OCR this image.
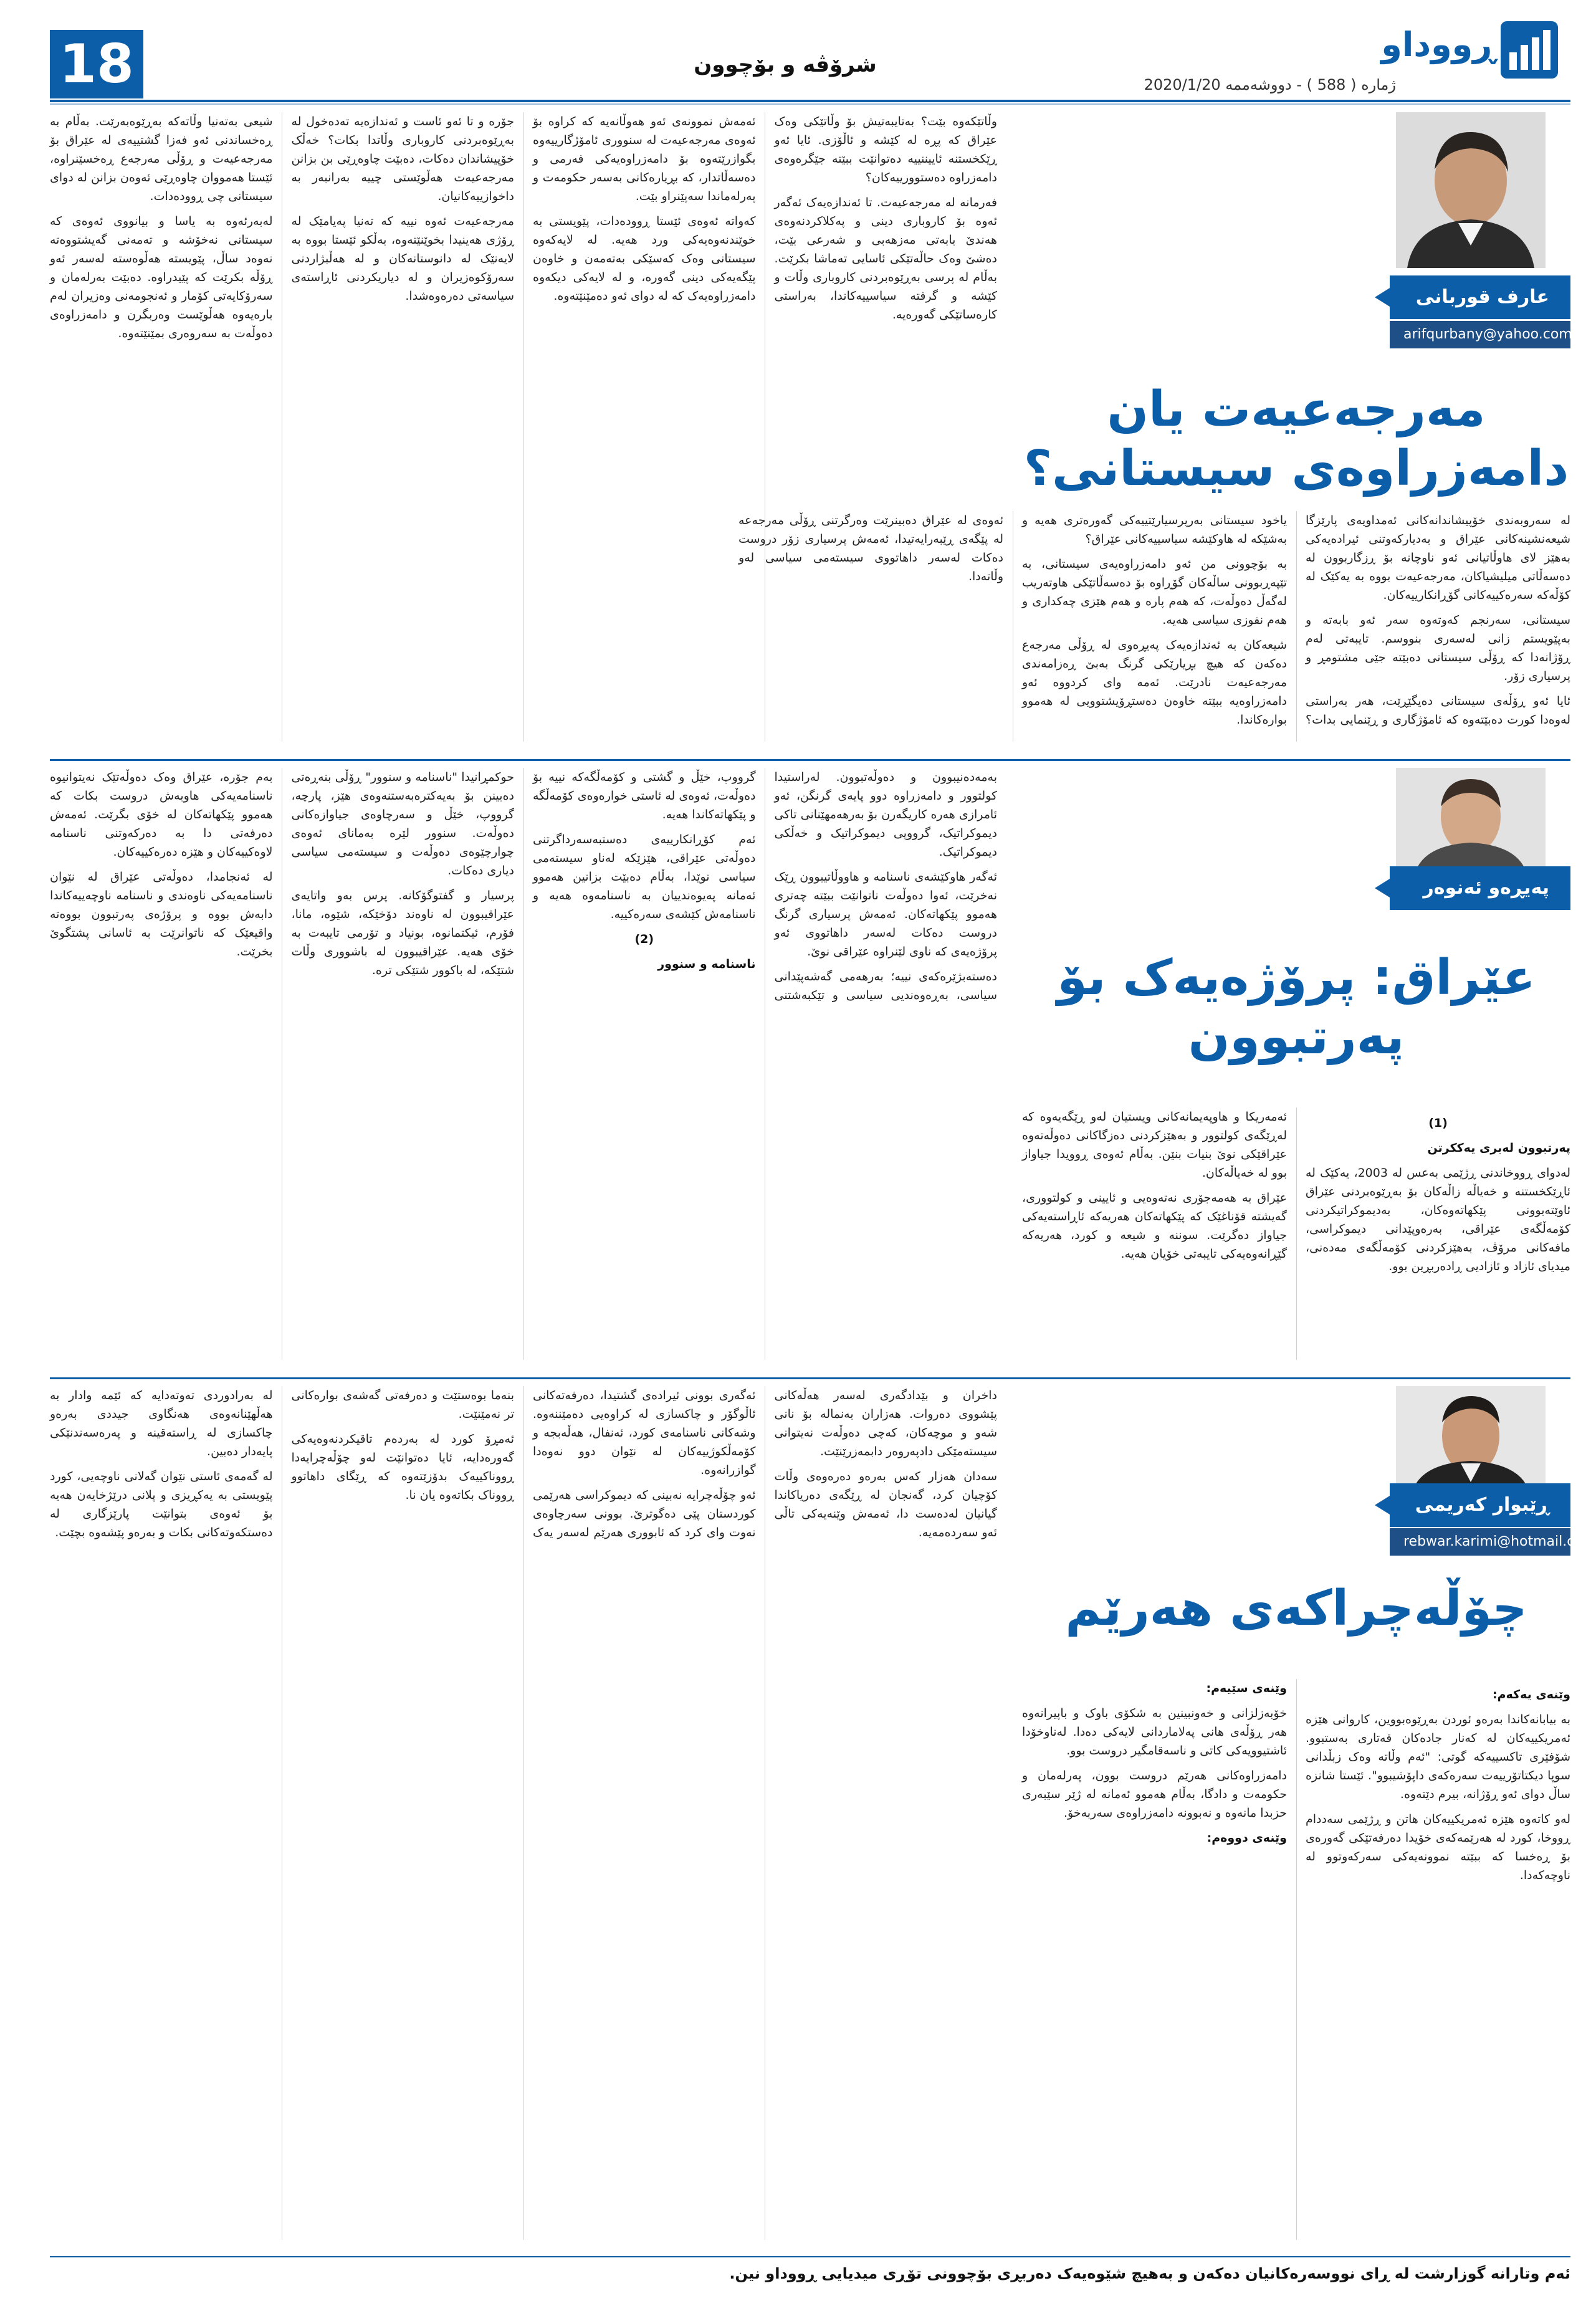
18	شرۆڤە و بۆچوون
ژمارە ( 588 ) - دووشەممە 2020/1/20
ڕووداو
عارف قوربانی
arifqurbany@yahoo.com
مەرجەعیەت یان دامەزراوەی سیستانی؟

لە سەروبەندی خۆپیشاندانەکانی ئەمداویەی پارێزگا شیعەنشینەکانی عێراق و بەدیارکەوتنی ئیرادەیەکی بەهێز لای هاوڵاتیانی ئەو ناوچانە بۆ ڕزگاربوون لە دەسەڵاتی میلیشیاکان، مەرجەعیەت بووە بە یەکێک لە کۆڵەکە سەرەکییەکانی گۆڕانکارییەکان.

سیستانی، سەرنجم کەوتەوە سەر ئەو بابەتە و بەپێویستم زانی لەسەری بنووسم. تایبەتی لەم ڕۆژانەدا کە ڕۆڵی سیستانی دەبێتە جێی مشتومڕ و پرسیاری زۆر.

ئایا ئەو ڕۆڵەی سیستانی دەیگێڕێت، هەر بەراستی لەوەدا کورت دەبێتەوە کە ئامۆژگاری و ڕێنمایی بدات؟ یاخود سیستانی بەرپرسیارێتییەکی گەورەتری هەیە و بەشێکە لە هاوکێشە سیاسییەکانی عێراق؟

بە بۆچوونی من ئەو دامەزراوەیەی سیستانی، بە تێپەڕبوونی ساڵەکان گۆڕاوە بۆ دەسەڵاتێکی هاوتەریب لەگەڵ دەوڵەت، کە هەم پارە و هەم هێزی چەکداری و هەم نفوزی سیاسی هەیە.

شیعەکان بە ئەندازەیەک پەیڕەوی لە ڕۆڵی مەرجەع دەکەن کە هیچ بڕیارێکی گرنگ بەبێ ڕەزامەندی مەرجەعیەت نادرێت. ئەمە وای کردووە ئەو دامەزراوەیە ببێتە خاوەن دەستڕۆیشتوویی لە هەموو بوارەکاندا.

ئەوەی لە عێراق دەبینرێت وەرگرتنی ڕۆڵی مەرجەعە لە پێگەی ڕێبەرایەتیدا، ئەمەش پرسیاری زۆر دروست دەکات لەسەر داهاتووی سیستەمی سیاسی لەو وڵاتەدا.

وڵاتێکەوە بێت؟ بەتایبەتیش بۆ وڵاتێکی وەک عێراق کە پڕە لە کێشە و ئاڵۆزی. ئایا ئەو ڕێکخستنە ئاییننییە دەتوانێت ببێتە جێگرەوەی دامەزراوە دەستوورییەکان؟

فەرمانە لە مەرجەعیەت. تا ئەندازەیەک ئەگەر ئەوە بۆ کاروباری دینی و پەکلاکردنەوەی هەندێ بابەتی مەزهەبی و شەرعی بێت، دەشێ وەک حاڵەتێکی ئاسایی تەماشا بکرێت. بەڵام لە پرسی بەڕێوەبردنی کاروباری وڵات و کێشە و گرفتە سیاسییەکاندا، بەراستی کارەساتێکی گەورەیە.

ئەمەش نموونەی ئەو هەوڵانەیە کە کراوە بۆ ئەوەی مەرجەعیەت لە سنووری ئامۆژگارییەوە بگوازرێتەوە بۆ دامەزراوەیەکی فەرمی و دەسەڵاتدار، کە بڕیارەکانی بەسەر حکومەت و پەرلەماندا سەپێنراو بێت.

کەواتە ئەوەی ئێستا ڕوودەدات، پێویستی بە خوێندنەوەیەکی ورد هەیە. لە لایەکەوە سیستانی وەک کەسێکی بەتەمەن و خاوەن پێگەیەکی دینی گەورە، و لە لایەکی دیکەوە دامەزراوەیەک کە لە دوای ئەو دەمێنێتەوە.

جۆرە و تا ئەو ئاست و ئەندازەیە تەدەخول لە بەڕێوەبردنی کاروباری وڵاتدا بکات؟ خەڵک خۆپیشاندان دەکات، دەبێت چاوەڕێی بن بزانن مەرجەعیەت هەڵوێستی چییە بەرانبەر بە داخوازییەکانیان.

مەرجەعیەت ئەوە نییە کە تەنیا پەیامێک لە ڕۆژی هەینیدا بخوێنێتەوە، بەڵکو ئێستا بووە بە لایەنێک لە دانوستانەکان و لە هەڵبژاردنی سەرۆکوەزیران و لە دیاریکردنی ئاڕاستەی سیاسەتی دەرەوەشدا.

شیعی بەتەنیا وڵاتەکە بەڕێوەبەرێت. بەڵام بە ڕەخساندنی ئەو فەزا گشتییەی لە عێراق بۆ مەرجەعیەت و ڕۆڵی مەرجەع ڕەخسێنراوە، ئێستا هەمووان چاوەڕێی ئەوەن بزانن لە دوای سیستانی چی ڕوودەدات.

لەبەرئەوە بە یاسا و بیانووی ئەوەی کە سیستانی نەخۆشە و تەمەنی گەیشتووەتە نەوەد ساڵ، پێویستە هەڵوەستە لەسەر ئەو ڕۆڵە بکرێت کە پێیدراوە. دەبێت بەرلەمان و سەرۆکایەتی کۆمار و ئەنجومەنی وەزیران لەم بارەیەوە هەڵوێست وەربگرن و دامەزراوەی دەوڵەت بە سەروەری بمێنێتەوە.

پەیڕەو ئەنوەر
عێراق: پرۆژەیەک بۆ پەرتبوون

(1)

پەرتبوون لەبری یەککرتن

لەدوای ڕووخاندنی ڕژێمی بەعس لە 2003، یەکێک لە ئاڕێکخستنە و خەیاڵە زاڵەکان بۆ بەڕێوەبردنی عێراق ئاوێتەبوونی پێکهاتەوەکان، بەدیموکراتیکردنی کۆمەڵگەی عێراقی، بەرەوپێدانی دیموکراسی، مافەکانی مرۆڤ، بەهێزکردنی کۆمەڵگەی مەدەنی، میدیای ئازاد و ئازادیی ڕادەربڕین بوو.

ئەمەریکا و هاوپەیمانەکانی ویستیان لەو ڕێگەیەوە کە لەڕێگەی کولتوور و بەهێزکردنی دەزگاکانی دەوڵەتەوە عێراقێکی نوێ بنیات بنێن. بەڵام ئەوەی ڕوویدا جیاواز بوو لە خەیاڵەکان.

عێراق بە هەمەجۆری نەتەوەیی و ئایینی و کولتووری، گەیشتە قۆناغێک کە پێکهاتەکان هەریەکە ئاڕاستەیەکی جیاواز دەگرێت. سوننە و شیعە و کورد، هەریەکە گێڕانەوەیەکی تایبەتی خۆیان هەیە.

بەمەدەنیبوون و دەوڵەتبوون. لەراستیدا کولتوور و دامەزراوە دوو پایەی گرنگن، ئەو ئامرازی هەرە کاریگەرن بۆ بەرهەمهێنانی تاکی دیموکراتیک، گرووپی دیموکراتیک و خەڵکی دیموکراتیک.

ئەگەر هاوکێشەی ناسنامە و هاووڵاتیبوون ڕێک نەخرێت، ئەوا دەوڵەت ناتوانێت ببێتە چەتری هەموو پێکهاتەکان. ئەمەش پرسیاری گرنگ دروست دەکات لەسەر داهاتووی ئەو پرۆژەیەی کە ناوی لێنراوە عێراقی نوێ.

دەستەبژێرەکەی نییە؛ بەرهەمی گەشەپێدانی سیاسی، بەڕەوەندیی سیاسی و تێکبەشتنی گرووپ، خێڵ و گشتی و کۆمەڵگەکە نییە بۆ دەوڵەت، ئەوەی لە ئاستی خوارەوەی کۆمەڵگە و پێکهاتەکاندا هەیە.

ئەم کۆڕانکارییەی دەستبەسەرداگرتنی دەوڵەتی عێراقی، هێزێکە لەناو سیستەمی سیاسی نوێدا، بەڵام دەبێت بزانین هەموو ئەمانە پەیوەندییان بە ناسنامەوە هەیە و ناسنامەش کێشەی سەرەکییە.

(2)

ناسنامە و سنوور

حوکمڕانیدا "ناسنامە و سنوور" ڕۆڵی بنەڕەتی دەبینن بۆ بەیەکترەبەستنەوەی هێز، پارچە، گرووپ، خێڵ و سەرچاوەی جیاوازەکانی دەوڵەت. سنوور لێرە بەمانای ئەوەی چوارچێوەی دەوڵەت و سیستەمی سیاسی دیاری دەکات.

پرسیار و گفتوگۆکانە. پرس بەو واتایەی عێراقیبوون لە ناوەند دۆخێکە، شێوە، مانا، فۆرم، ئیکتمانوە، بونیاد و تۆرمی تایبەت بە خۆی هەیە. عێراقیبوون لە باشووری وڵات شتێکە، لە باکوور شتێکی ترە.

بەم جۆرە، عێراق وەک دەوڵەتێک نەیتوانیوە ناسنامەیەکی هاوبەش دروست بکات کە هەموو پێکهاتەکان لە خۆی بگرێت. ئەمەش دەرفەتی دا بە دەرکەوتنی ناسنامە لاوەکییەکان و هێزە دەرەکییەکان.

لە ئەنجامدا، دەوڵەتی عێراق لە نێوان ناسنامەیەکی ناوەندی و ناسنامە ناوچەییەکاندا دابەش بووە و پرۆژەی پەرتبوون بووەتە واقیعێک کە ناتوانرێت بە ئاسانی پشتگوێ بخرێت.

ڕێبوار کەریمی
rebwar.karimi@hotmail.com
چۆڵەچراکەی هەرێم

وێنەی یەکەم:

بە بیابانەکاندا بەرەو ئوردن بەڕێوەبووین، کاروانی هێزە ئەمریکییەکان لە کەنار جادەکان قەتاری بەستبوو. شۆفێری تاکسییەکە گوتی: "ئەم وڵاتە وەک زبڵدانی سوپا دیکتاتۆرییەت سەرەکەی داپۆشیبوو". ئێستا شانزە ساڵ دوای ئەو ڕۆژانە، بیرم دێتەوە.

لەو کاتەوە هێزە ئەمریکییەکان هاتن و ڕژێمی سەددام ڕووخا، کورد لە هەرێمەکەی خۆیدا دەرفەتێکی گەورەی بۆ ڕەخسا کە ببێتە نموونەیەکی سەرکەوتوو لە ناوچەکەدا.

وێنەی سێیەم:

خۆبەزلزانی و خەونبینین بە شکۆی باوک و باپیرانەوە هەر ڕۆڵەی هانی پەلاماردانی لایەکی دەدا. لەناوخۆدا ئاشتیوویەکی کاتی و ناسەقامگیر دروست بوو.

دامەزراوەکانی هەرێم دروست بوون، پەرلەمان و حکومەت و دادگا، بەڵام هەموو ئەمانە لە ژێر سێبەری حزبدا مانەوە و نەبوونە دامەزراوەی سەربەخۆ.

وێنەی دووەم:

داخران و بێدادگەری لەسەر هەڵەکانی پێشووی دەروات. هەزاران بەنمالە بۆ نانی شەو و موچەکان، کەچی دەوڵەت نەیتوانی سیستەمێکی دادپەروەر دابمەزرێنێت.

سەدان هەزار کەس بەرەو دەرەوەی وڵات کۆچیان کرد، گەنجان لە ڕێگەی دەریاکاندا گیانیان لەدەست دا، ئەمەش وێنەیەکی تاڵی ئەو سەردەمەیە.

ئەگەری بوونی ئیرادەی گشتیدا، دەرفەتەکانی ئاڵوگۆر و چاکسازی لە کراوەیی دەمێننەوە. وشەکانی ناسنامەی کورد، ئەنفال، هەڵەبجە و کۆمەڵکوژییەکان لە نێوان دوو نەوەدا گوازرانەوە.

ئەو چۆڵەچرایە نەبینی کە دیموکراسی هەرێمی کوردستان پێی دەگوترێ. بوونی سەرچاوەی نەوت وای کرد کە ئابووری هەرێم لەسەر یەک بنەما بوەستێت و دەرفەتی گەشەی بوارەکانی تر نەمێنێت.

ئەمڕۆ کورد لە بەردەم تاقیکردنەوەیەکی گەورەدایە، ئایا دەتوانێت لەو چۆڵەچرایەدا ڕووناکییەک بدۆزێتەوە کە ڕێگای داهاتوو ڕووناک بکاتەوە یان نا.

لە بەرادوردی تەوتەدایە کە ئێمە وادار بە هەڵهێنانەوەی هەنگاوی جیددی بەرەو چاکسازی لە ڕاستەقینە و پەرەسەندنێکی پایەدار دەبین.

لە گەمەی ئاستی نێوان گەلانی ناوچەیی، کورد پێویستی بە یەکڕیزی و پلانی درێژخایەن هەیە بۆ ئەوەی بتوانێت پارێزگاری لە دەستکەوتەکانی بکات و بەرەو پێشەوە بچێت.

ئەم وتارانە گوزارشت لە ڕای نووسەرەکانیان دەکەن و بەهیچ شێوەیەک دەربڕی بۆچوونی تۆڕی میدیایی ڕووداو نین.
